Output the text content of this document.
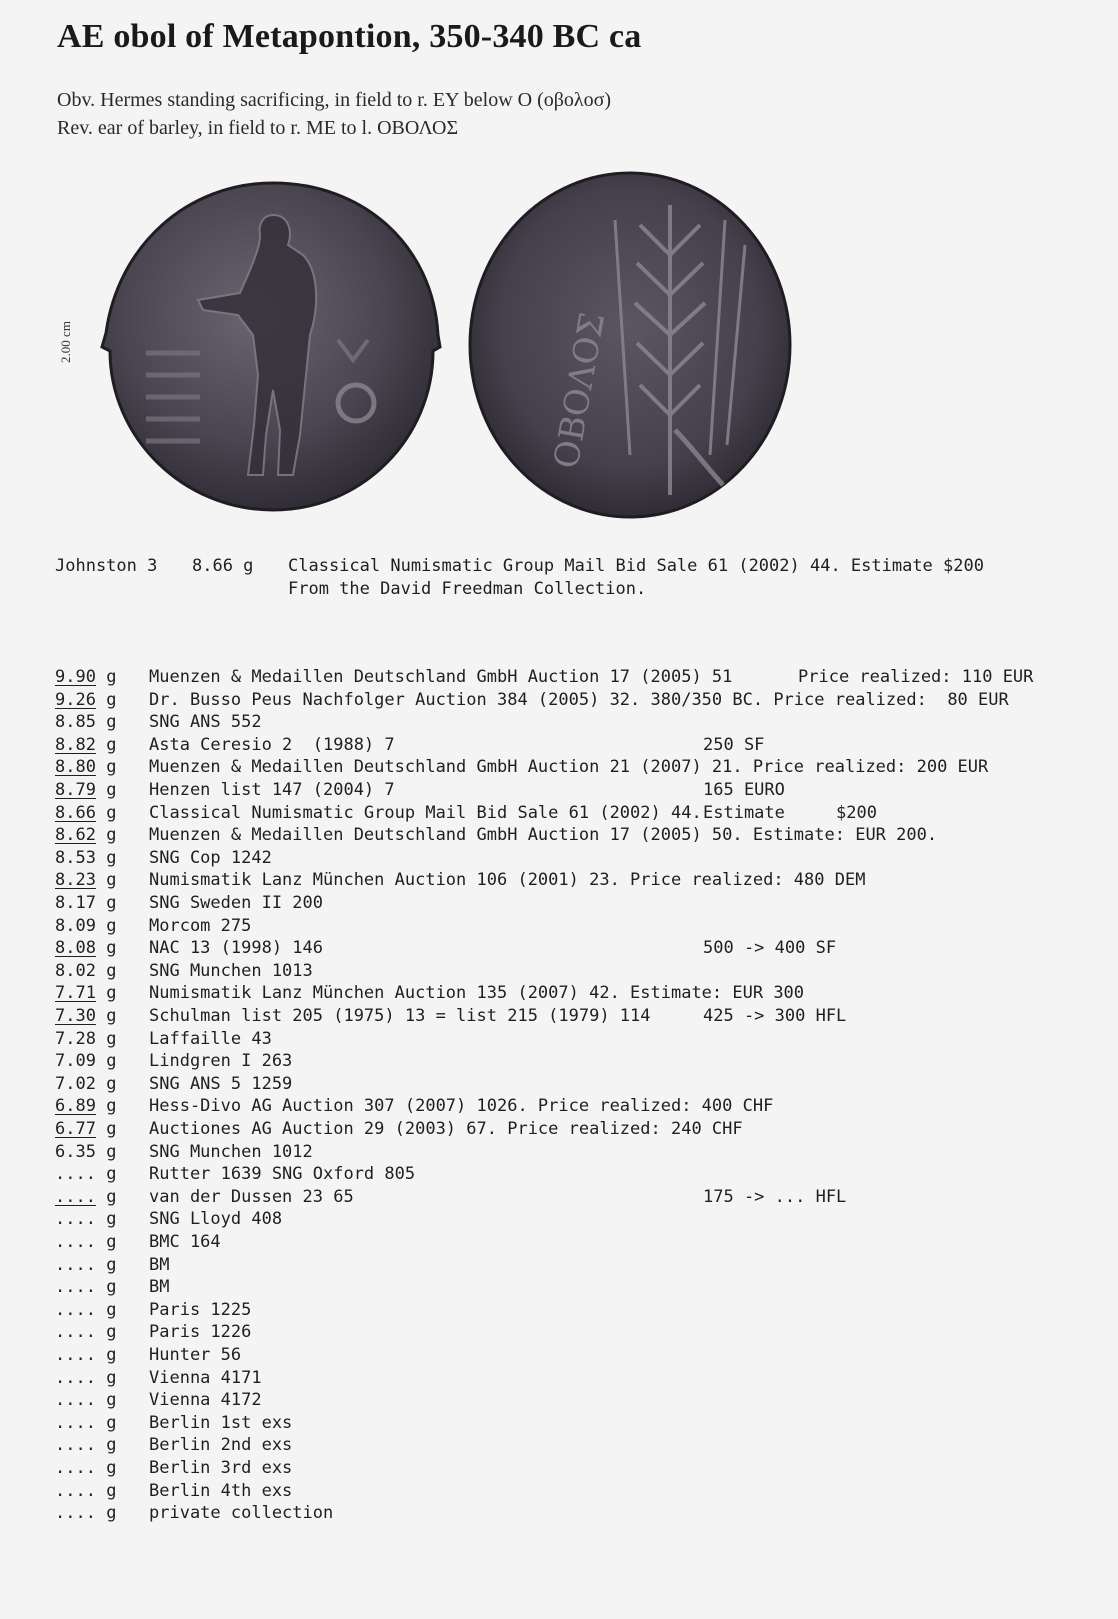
AE obol of Metapontion, 350-340 BC ca
Obv. Hermes standing sacrificing, in field to r. EY below O (οβολοσ)
Rev. ear of barley, in field to r. ME to l. ΟΒΟΛΟΣ
2.00 cm	ΟΒΟΛΟΣ

Johnston 3

8.66 g

Classical Numismatic Group Mail Bid Sale 61 (2002) 44. Estimate $200

From the David Freedman Collection.

9.90 g Muenzen & Medaillen Deutschland GmbH Auction 17 (2005) 51	Price realized: 110 EUR
9.26 g Dr. Busso Peus Nachfolger Auction 384 (2005) 32. 380/350 BC. Price realized:  80 EUR
8.85 g SNG ANS 552
8.82 g Asta Ceresio 2  (1988) 7	250 SF
8.80 g Muenzen & Medaillen Deutschland GmbH Auction 21 (2007) 21. Price realized: 200 EUR
8.79 g Henzen list 147 (2004) 7	165 EURO
8.66 g Classical Numismatic Group Mail Bid Sale 61 (2002) 44. Estimate     $200
8.62 g Muenzen & Medaillen Deutschland GmbH Auction 17 (2005) 50. Estimate: EUR 200.
8.53 g SNG Cop 1242
8.23 g Numismatik Lanz München Auction 106 (2001) 23. Price realized: 480 DEM
8.17 g SNG Sweden II 200
8.09 g Morcom 275
8.08 g NAC 13 (1998) 146	500 -> 400 SF
8.02 g SNG Munchen 1013
7.71 g Numismatik Lanz München Auction 135 (2007) 42. Estimate: EUR 300
7.30 g Schulman list 205 (1975) 13 = list 215 (1979) 114	425 -> 300 HFL
7.28 g Laffaille 43
7.09 g Lindgren I 263
7.02 g SNG ANS 5 1259
6.89 g Hess-Divo AG Auction 307 (2007) 1026. Price realized: 400 CHF
6.77 g Auctiones AG Auction 29 (2003) 67. Price realized: 240 CHF
6.35 g SNG Munchen 1012
.... g Rutter 1639 SNG Oxford 805
.... g van der Dussen 23 65	175 -> ... HFL
.... g SNG Lloyd 408
.... g BMC 164
.... g BM
.... g BM
.... g Paris 1225
.... g Paris 1226
.... g Hunter 56
.... g Vienna 4171
.... g Vienna 4172
.... g Berlin 1st exs
.... g Berlin 2nd exs
.... g Berlin 3rd exs
.... g Berlin 4th exs
.... g private collection
